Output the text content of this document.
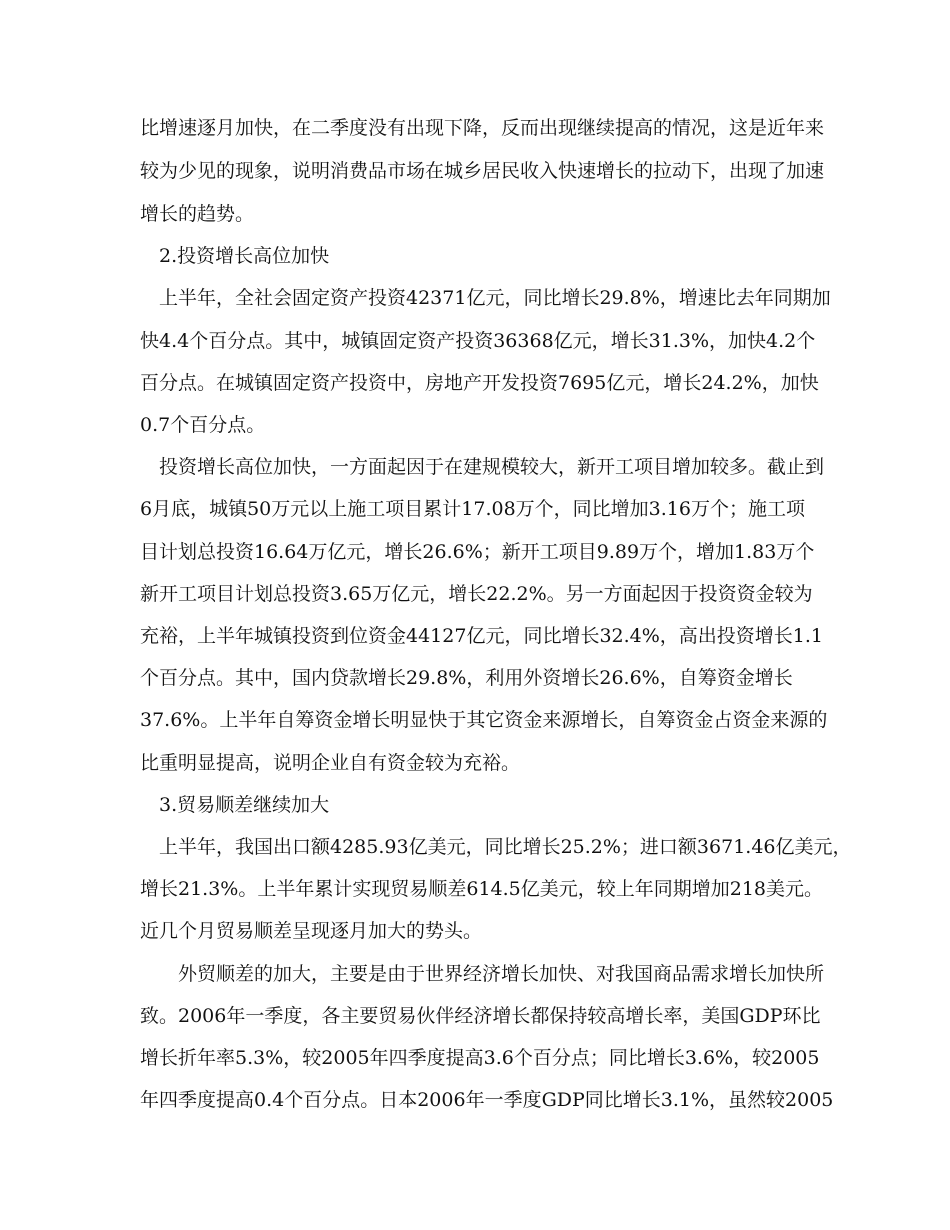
比增速逐月加快，在二季度没有出现下降，反而出现继续提高的情况，这是近年来
较为少见的现象，说明消费品市场在城乡居民收入快速增长的拉动下，出现了加速
增长的趋势。
2.投资增长高位加快
上半年，全社会固定资产投资42371亿元，同比增长29.8%，增速比去年同期加
快4.4个百分点。其中，城镇固定资产投资36368亿元，增长31.3%，加快4.2个
百分点。在城镇固定资产投资中，房地产开发投资7695亿元，增长24.2%，加快
0.7个百分点。
投资增长高位加快，一方面起因于在建规模较大，新开工项目增加较多。截止到
6月底，城镇50万元以上施工项目累计17.08万个，同比增加3.16万个；施工项
目计划总投资16.64万亿元，增长26.6%；新开工项目9.89万个，增加1.83万个
新开工项目计划总投资3.65万亿元，增长22.2%。另一方面起因于投资资金较为
充裕，上半年城镇投资到位资金44127亿元，同比增长32.4%，高出投资增长1.1
个百分点。其中，国内贷款增长29.8%，利用外资增长26.6%，自筹资金增长
37.6%。上半年自筹资金增长明显快于其它资金来源增长，自筹资金占资金来源的
比重明显提高，说明企业自有资金较为充裕。
3.贸易顺差继续加大
上半年，我国出口额4285.93亿美元，同比增长25.2%；进口额3671.46亿美元，
增长21.3%。上半年累计实现贸易顺差614.5亿美元，较上年同期增加218美元。
近几个月贸易顺差呈现逐月加大的势头。
外贸顺差的加大，主要是由于世界经济增长加快、对我国商品需求增长加快所
致。2006年一季度，各主要贸易伙伴经济增长都保持较高增长率，美国GDP环比
增长折年率5.3%，较2005年四季度提高3.6个百分点；同比增长3.6%，较2005
年四季度提高0.4个百分点。日本2006年一季度GDP同比增长3.1%，虽然较2005
